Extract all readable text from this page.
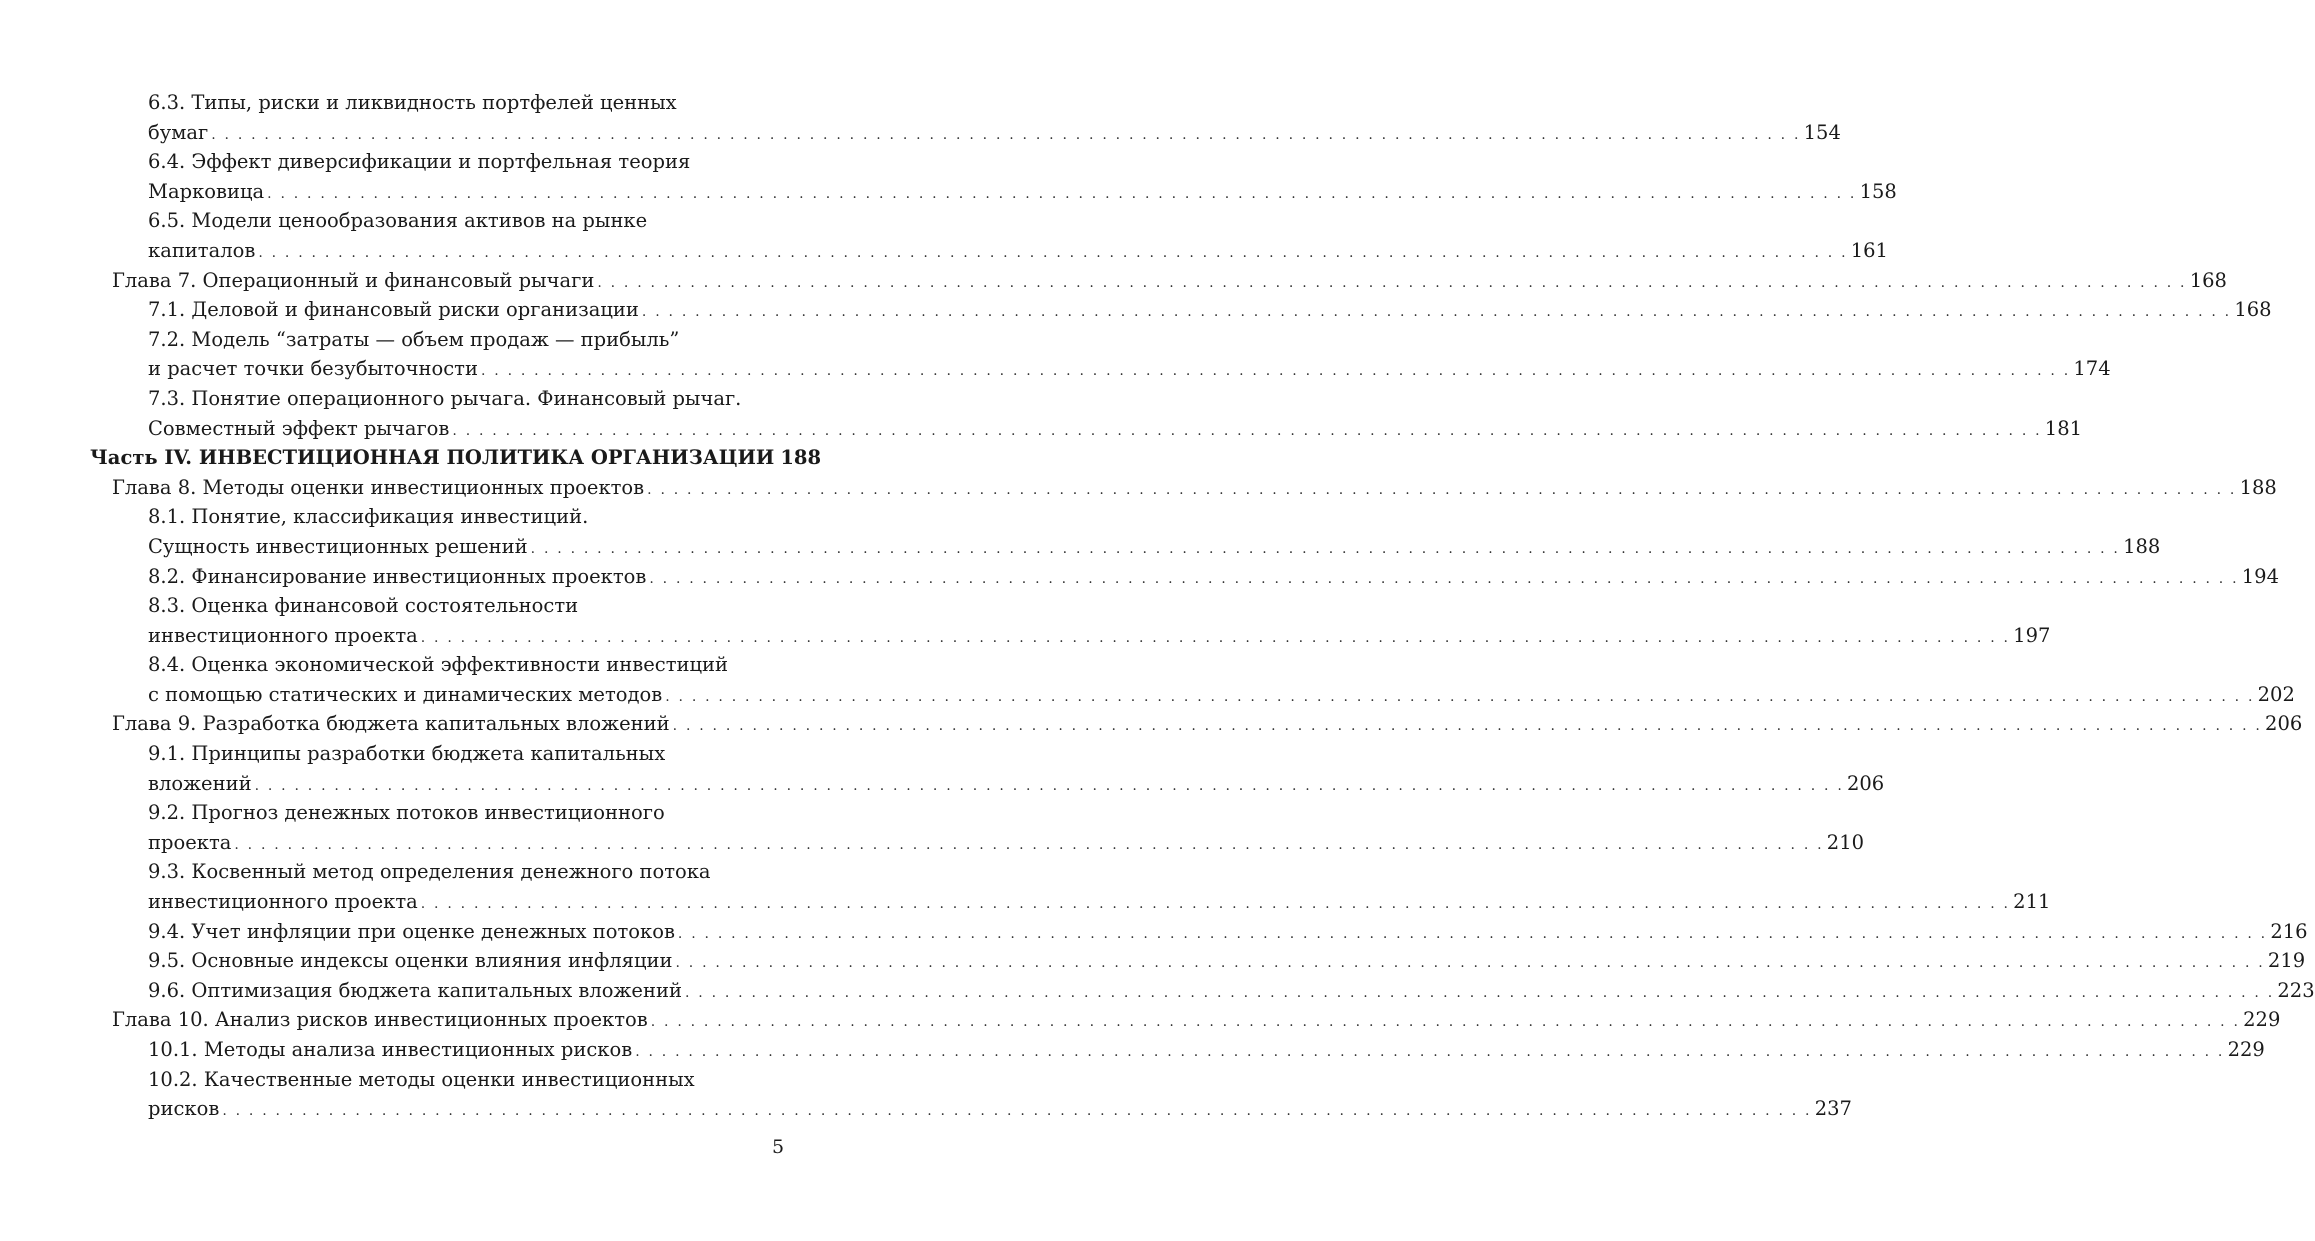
6.3. Типы, риски и ликвидность портфелей ценных
бумаг . . . . . . . . . . . . . . . . . . . . . . . . . . . . . . . . . . . . . . . . . . . . . . . . . . . . . . . . . . . . . . . . . . . . . . . . . . . . . . . . . . . . . . . . . . . . . . . . . . . . . . . . . . . . . . . . . . . . . . . . 154
6.4. Эффект диверсификации и портфельная теория
Марковица . . . . . . . . . . . . . . . . . . . . . . . . . . . . . . . . . . . . . . . . . . . . . . . . . . . . . . . . . . . . . . . . . . . . . . . . . . . . . . . . . . . . . . . . . . . . . . . . . . . . . . . . . . . . . . . . . . . . . . . . 158
6.5. Модели ценообразования активов на рынке
капиталов . . . . . . . . . . . . . . . . . . . . . . . . . . . . . . . . . . . . . . . . . . . . . . . . . . . . . . . . . . . . . . . . . . . . . . . . . . . . . . . . . . . . . . . . . . . . . . . . . . . . . . . . . . . . . . . . . . . . . . . . 161
Глава 7. Операционный и финансовый рычаги . . . . . . . . . . . . . . . . . . . . . . . . . . . . . . . . . . . . . . . . . . . . . . . . . . . . . . . . . . . . . . . . . . . . . . . . . . . . . . . . . . . . . . . . . . . . . . . . . . . . . . . . . . . . . . . . . . . . . . . . 168
7.1. Деловой и финансовый риски организации . . . . . . . . . . . . . . . . . . . . . . . . . . . . . . . . . . . . . . . . . . . . . . . . . . . . . . . . . . . . . . . . . . . . . . . . . . . . . . . . . . . . . . . . . . . . . . . . . . . . . . . . . . . . . . . . . . . . . . . . 168
7.2. Модель “затраты — объем продаж — прибыль”
и расчет точки безубыточности . . . . . . . . . . . . . . . . . . . . . . . . . . . . . . . . . . . . . . . . . . . . . . . . . . . . . . . . . . . . . . . . . . . . . . . . . . . . . . . . . . . . . . . . . . . . . . . . . . . . . . . . . . . . . . . . . . . . . . . . 174
7.3. Понятие операционного рычага. Финансовый рычаг.
Совместный эффект рычагов . . . . . . . . . . . . . . . . . . . . . . . . . . . . . . . . . . . . . . . . . . . . . . . . . . . . . . . . . . . . . . . . . . . . . . . . . . . . . . . . . . . . . . . . . . . . . . . . . . . . . . . . . . . . . . . . . . . . . . . . 181
Часть IV. ИНВЕСТИЦИОННАЯ ПОЛИТИКА ОРГАНИЗАЦИИ 188
Глава 8. Методы оценки инвестиционных проектов . . . . . . . . . . . . . . . . . . . . . . . . . . . . . . . . . . . . . . . . . . . . . . . . . . . . . . . . . . . . . . . . . . . . . . . . . . . . . . . . . . . . . . . . . . . . . . . . . . . . . . . . . . . . . . . . . . . . . . . . 188
8.1. Понятие, классификация инвестиций.
Сущность инвестиционных решений . . . . . . . . . . . . . . . . . . . . . . . . . . . . . . . . . . . . . . . . . . . . . . . . . . . . . . . . . . . . . . . . . . . . . . . . . . . . . . . . . . . . . . . . . . . . . . . . . . . . . . . . . . . . . . . . . . . . . . . . 188
8.2. Финансирование инвестиционных проектов . . . . . . . . . . . . . . . . . . . . . . . . . . . . . . . . . . . . . . . . . . . . . . . . . . . . . . . . . . . . . . . . . . . . . . . . . . . . . . . . . . . . . . . . . . . . . . . . . . . . . . . . . . . . . . . . . . . . . . . . 194
8.3. Оценка финансовой состоятельности
инвестиционного проекта . . . . . . . . . . . . . . . . . . . . . . . . . . . . . . . . . . . . . . . . . . . . . . . . . . . . . . . . . . . . . . . . . . . . . . . . . . . . . . . . . . . . . . . . . . . . . . . . . . . . . . . . . . . . . . . . . . . . . . . . 197
8.4. Оценка экономической эффективности инвестиций
с помощью статических и динамических методов . . . . . . . . . . . . . . . . . . . . . . . . . . . . . . . . . . . . . . . . . . . . . . . . . . . . . . . . . . . . . . . . . . . . . . . . . . . . . . . . . . . . . . . . . . . . . . . . . . . . . . . . . . . . . . . . . . . . . . . . 202
Глава 9. Разработка бюджета капитальных вложений . . . . . . . . . . . . . . . . . . . . . . . . . . . . . . . . . . . . . . . . . . . . . . . . . . . . . . . . . . . . . . . . . . . . . . . . . . . . . . . . . . . . . . . . . . . . . . . . . . . . . . . . . . . . . . . . . . . . . . . . 206
9.1. Принципы разработки бюджета капитальных
вложений . . . . . . . . . . . . . . . . . . . . . . . . . . . . . . . . . . . . . . . . . . . . . . . . . . . . . . . . . . . . . . . . . . . . . . . . . . . . . . . . . . . . . . . . . . . . . . . . . . . . . . . . . . . . . . . . . . . . . . . . 206
9.2. Прогноз денежных потоков инвестиционного
проекта . . . . . . . . . . . . . . . . . . . . . . . . . . . . . . . . . . . . . . . . . . . . . . . . . . . . . . . . . . . . . . . . . . . . . . . . . . . . . . . . . . . . . . . . . . . . . . . . . . . . . . . . . . . . . . . . . . . . . . . . 210
9.3. Косвенный метод определения денежного потока
инвестиционного проекта . . . . . . . . . . . . . . . . . . . . . . . . . . . . . . . . . . . . . . . . . . . . . . . . . . . . . . . . . . . . . . . . . . . . . . . . . . . . . . . . . . . . . . . . . . . . . . . . . . . . . . . . . . . . . . . . . . . . . . . . 211
9.4. Учет инфляции при оценке денежных потоков . . . . . . . . . . . . . . . . . . . . . . . . . . . . . . . . . . . . . . . . . . . . . . . . . . . . . . . . . . . . . . . . . . . . . . . . . . . . . . . . . . . . . . . . . . . . . . . . . . . . . . . . . . . . . . . . . . . . . . . . 216
9.5. Основные индексы оценки влияния инфляции . . . . . . . . . . . . . . . . . . . . . . . . . . . . . . . . . . . . . . . . . . . . . . . . . . . . . . . . . . . . . . . . . . . . . . . . . . . . . . . . . . . . . . . . . . . . . . . . . . . . . . . . . . . . . . . . . . . . . . . . 219
9.6. Оптимизация бюджета капитальных вложений . . . . . . . . . . . . . . . . . . . . . . . . . . . . . . . . . . . . . . . . . . . . . . . . . . . . . . . . . . . . . . . . . . . . . . . . . . . . . . . . . . . . . . . . . . . . . . . . . . . . . . . . . . . . . . . . . . . . . . . . 223
Глава 10. Анализ рисков инвестиционных проектов . . . . . . . . . . . . . . . . . . . . . . . . . . . . . . . . . . . . . . . . . . . . . . . . . . . . . . . . . . . . . . . . . . . . . . . . . . . . . . . . . . . . . . . . . . . . . . . . . . . . . . . . . . . . . . . . . . . . . . . . 229
10.1. Методы анализа инвестиционных рисков . . . . . . . . . . . . . . . . . . . . . . . . . . . . . . . . . . . . . . . . . . . . . . . . . . . . . . . . . . . . . . . . . . . . . . . . . . . . . . . . . . . . . . . . . . . . . . . . . . . . . . . . . . . . . . . . . . . . . . . . 229
10.2. Качественные методы оценки инвестиционных
рисков . . . . . . . . . . . . . . . . . . . . . . . . . . . . . . . . . . . . . . . . . . . . . . . . . . . . . . . . . . . . . . . . . . . . . . . . . . . . . . . . . . . . . . . . . . . . . . . . . . . . . . . . . . . . . . . . . . . . . . . . 237
5
